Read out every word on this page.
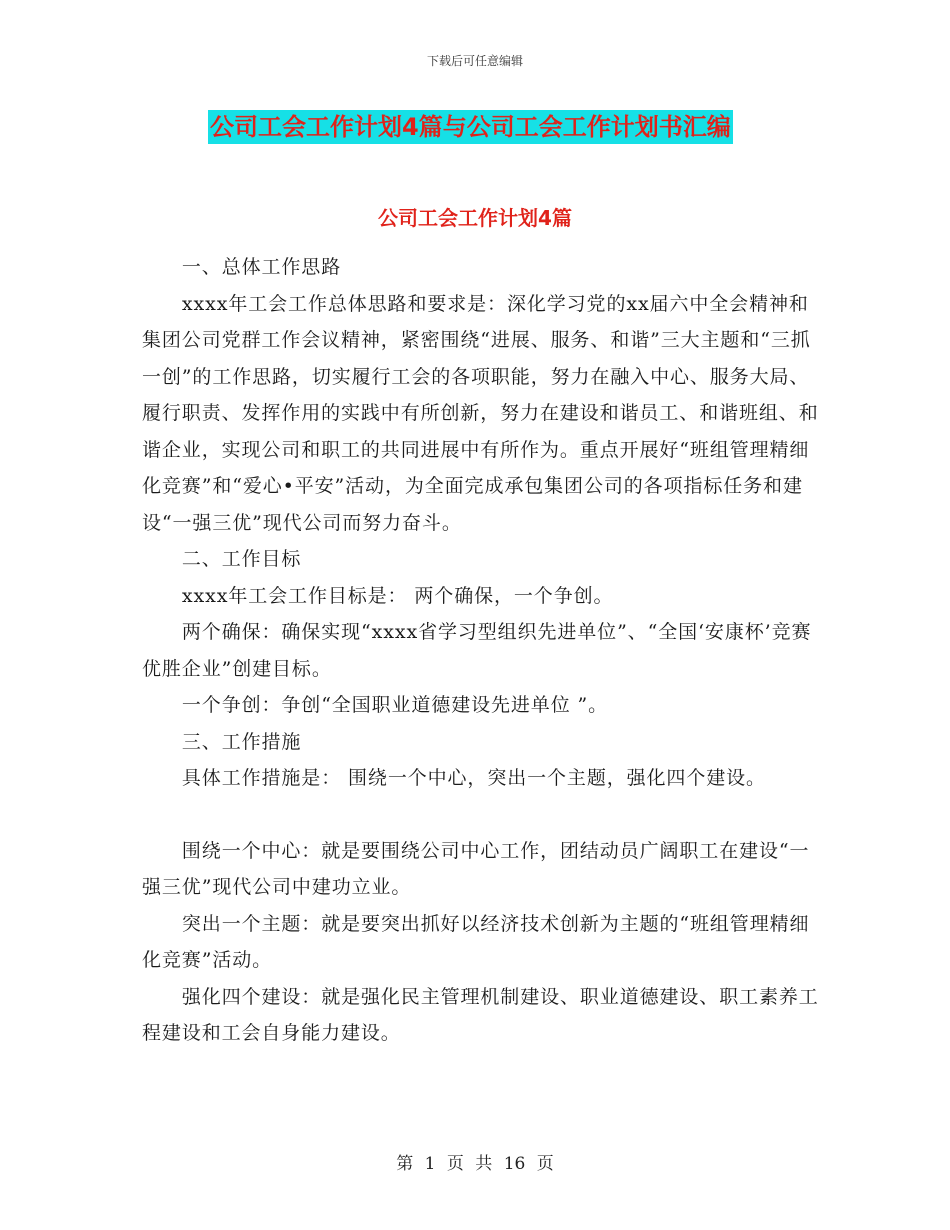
下载后可任意编辑
公司工会工作计划4篇与公司工会工作计划书汇编
公司工会工作计划4篇

一、总体工作思路

xxxx年工会工作总体思路和要求是：深化学习党的xx届六中全会精神和集团公司党群工作会议精神，紧密围绕“进展、服务、和谐”三大主题和“三抓一创”的工作思路，切实履行工会的各项职能，努力在融入中心、服务大局、履行职责、发挥作用的实践中有所创新，努力在建设和谐员工、和谐班组、和谐企业，实现公司和职工的共同进展中有所作为。重点开展好“班组管理精细化竞赛”和“爱心•平安”活动，为全面完成承包集团公司的各项指标任务和建设“一强三优”现代公司而努力奋斗。

二、工作目标

xxxx年工会工作目标是： 两个确保，一个争创。

两个确保：确保实现“xxxx省学习型组织先进单位”、“全国‘安康杯’竞赛优胜企业”创建目标。

一个争创：争创“全国职业道德建设先进单位 ”。

三、工作措施

具体工作措施是： 围绕一个中心，突出一个主题，强化四个建设。

围绕一个中心：就是要围绕公司中心工作，团结动员广阔职工在建设“一强三优”现代公司中建功立业。

突出一个主题：就是要突出抓好以经济技术创新为主题的“班组管理精细化竞赛”活动。

强化四个建设：就是强化民主管理机制建设、职业道德建设、职工素养工程建设和工会自身能力建设。

第 1 页 共 16 页
